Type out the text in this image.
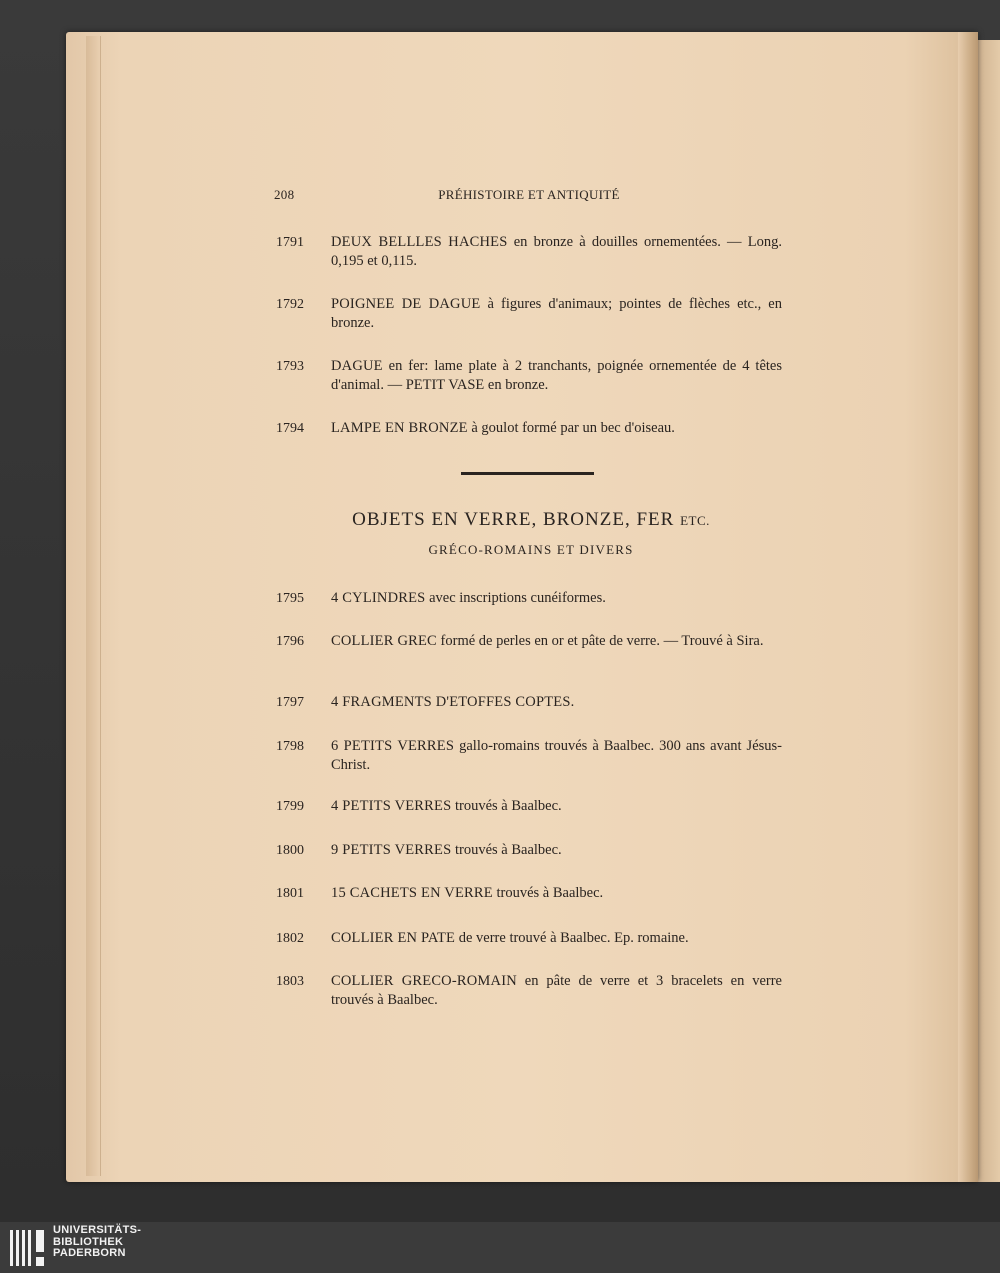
208	PRÉHISTOIRE ET ANTIQUITÉ
1791	DEUX BELLLES HACHES en bronze à douilles ornementées. — Long. 0,195 et 0,115.
1792	POIGNEE DE DAGUE à figures d'animaux; pointes de flèches etc., en bronze.
1793	DAGUE en fer: lame plate à 2 tranchants, poignée ornementée de 4 têtes d'animal. — PETIT VASE en bronze.
1794	LAMPE EN BRONZE à goulot formé par un bec d'oiseau.
OBJETS EN VERRE, BRONZE, FER ETC.
GRÉCO-ROMAINS ET DIVERS
1795	4 CYLINDRES avec inscriptions cunéiformes.
1796	COLLIER GREC formé de perles en or et pâte de verre. — Trouvé à Sira.
1797	4 FRAGMENTS D'ETOFFES COPTES.
1798	6 PETITS VERRES gallo-romains trouvés à Baalbec. 300 ans avant Jésus-Christ.
1799	4 PETITS VERRES trouvés à Baalbec.
1800	9 PETITS VERRES trouvés à Baalbec.
1801	15 CACHETS EN VERRE trouvés à Baalbec.
1802	COLLIER EN PATE de verre trouvé à Baalbec. Ep. romaine.
1803	COLLIER GRECO-ROMAIN en pâte de verre et 3 bracelets en verre trouvés à Baalbec.
UNIVERSITÄTS-
BIBLIOTHEK
PADERBORN
